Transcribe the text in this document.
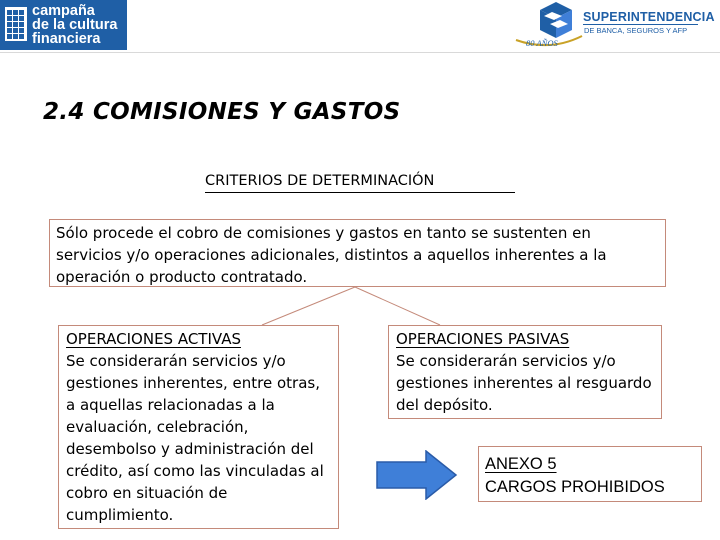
campaña
de la cultura
financiera	80 AÑOS
SUPERINTENDENCIA
DE BANCA, SEGUROS Y AFP
2.4 COMISIONES Y GASTOS
CRITERIOS DE DETERMINACIÓN
Sólo procede el cobro de comisiones y gastos en tanto se sustenten en servicios y/o operaciones adicionales, distintos a aquellos inherentes a la operación o producto contratado.
OPERACIONES ACTIVAS
Se considerarán servicios y/o gestiones inherentes, entre otras, a aquellas relacionadas a la evaluación, celebración, desembolso y administración del crédito, así como las vinculadas al cobro en situación de cumplimiento.
OPERACIONES PASIVAS
Se considerarán servicios y/o gestiones inherentes al resguardo del depósito.
ANEXO 5
CARGOS PROHIBIDOS
